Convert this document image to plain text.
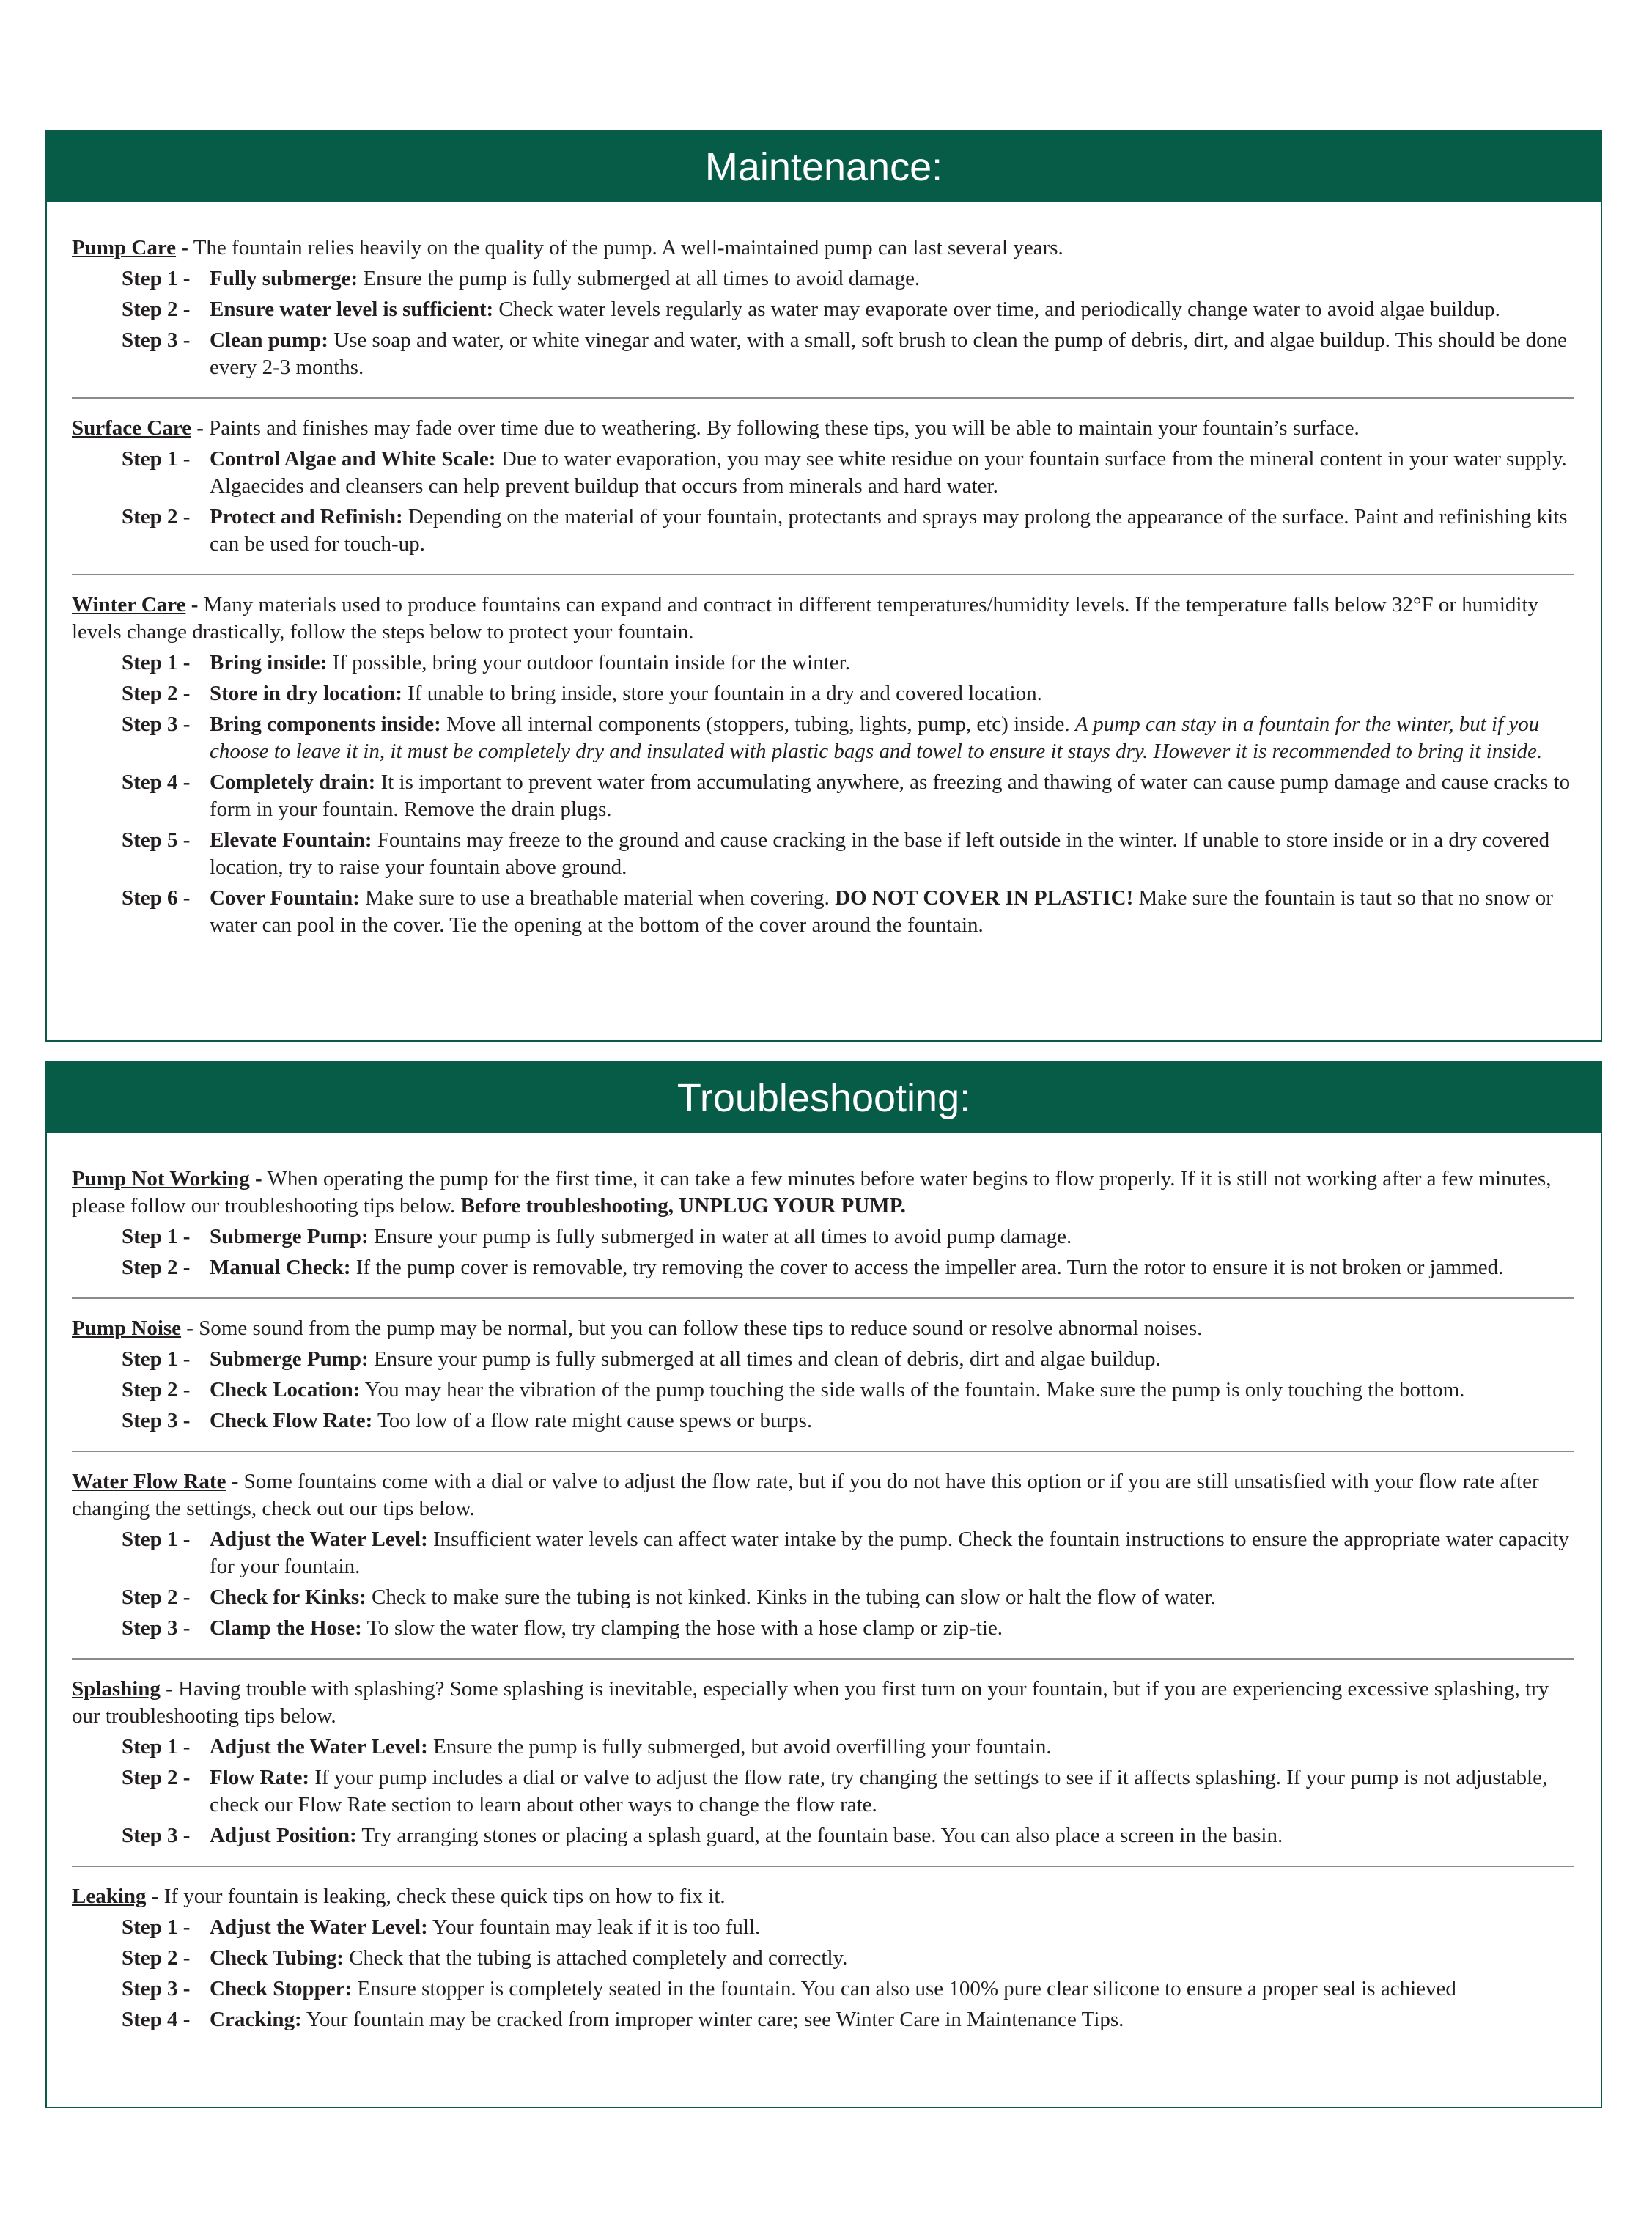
Maintenance:
Pump Care - The fountain relies heavily on the quality of the pump. A well-maintained pump can last several years.
Step 1 - Fully submerge: Ensure the pump is fully submerged at all times to avoid damage.
Step 2 - Ensure water level is sufficient: Check water levels regularly as water may evaporate over time, and periodically change water to avoid algae buildup.
Step 3 - Clean pump: Use soap and water, or white vinegar and water, with a small, soft brush to clean the pump of debris, dirt, and algae buildup. This should be done every 2-3 months.
Surface Care - Paints and finishes may fade over time due to weathering. By following these tips, you will be able to maintain your fountain’s surface.
Step 1 - Control Algae and White Scale: Due to water evaporation, you may see white residue on your fountain surface from the mineral content in your water supply. Algaecides and cleansers can help prevent buildup that occurs from minerals and hard water.
Step 2 - Protect and Refinish: Depending on the material of your fountain, protectants and sprays may prolong the appearance of the surface. Paint and refinishing kits can be used for touch-up.
Winter Care - Many materials used to produce fountains can expand and contract in different temperatures/humidity levels. If the temperature falls below 32°F or humidity levels change drastically, follow the steps below to protect your fountain.
Step 1 - Bring inside: If possible, bring your outdoor fountain inside for the winter.
Step 2 - Store in dry location: If unable to bring inside, store your fountain in a dry and covered location.
Step 3 - Bring components inside: Move all internal components (stoppers, tubing, lights, pump, etc) inside. A pump can stay in a fountain for the winter, but if you choose to leave it in, it must be completely dry and insulated with plastic bags and towel to ensure it stays dry. However it is recommended to bring it inside.
Step 4 - Completely drain: It is important to prevent water from accumulating anywhere, as freezing and thawing of water can cause pump damage and cause cracks to form in your fountain. Remove the drain plugs.
Step 5 - Elevate Fountain: Fountains may freeze to the ground and cause cracking in the base if left outside in the winter. If unable to store inside or in a dry covered location, try to raise your fountain above ground.
Step 6 - Cover Fountain: Make sure to use a breathable material when covering. DO NOT COVER IN PLASTIC! Make sure the fountain is taut so that no snow or water can pool in the cover. Tie the opening at the bottom of the cover around the fountain.
Troubleshooting:
Pump Not Working - When operating the pump for the first time, it can take a few minutes before water begins to flow properly. If it is still not working after a few minutes, please follow our troubleshooting tips below. Before troubleshooting, UNPLUG YOUR PUMP.
Step 1 - Submerge Pump: Ensure your pump is fully submerged in water at all times to avoid pump damage.
Step 2 - Manual Check: If the pump cover is removable, try removing the cover to access the impeller area. Turn the rotor to ensure it is not broken or jammed.
Pump Noise - Some sound from the pump may be normal, but you can follow these tips to reduce sound or resolve abnormal noises.
Step 1 - Submerge Pump: Ensure your pump is fully submerged at all times and clean of debris, dirt and algae buildup.
Step 2 - Check Location: You may hear the vibration of the pump touching the side walls of the fountain. Make sure the pump is only touching the bottom.
Step 3 - Check Flow Rate: Too low of a flow rate might cause spews or burps.
Water Flow Rate - Some fountains come with a dial or valve to adjust the flow rate, but if you do not have this option or if you are still unsatisfied with your flow rate after changing the settings, check out our tips below.
Step 1 - Adjust the Water Level: Insufficient water levels can affect water intake by the pump. Check the fountain instructions to ensure the appropriate water capacity for your fountain.
Step 2 - Check for Kinks: Check to make sure the tubing is not kinked. Kinks in the tubing can slow or halt the flow of water.
Step 3 - Clamp the Hose: To slow the water flow, try clamping the hose with a hose clamp or zip-tie.
Splashing - Having trouble with splashing? Some splashing is inevitable, especially when you first turn on your fountain, but if you are experiencing excessive splashing, try our troubleshooting tips below.
Step 1 - Adjust the Water Level: Ensure the pump is fully submerged, but avoid overfilling your fountain.
Step 2 - Flow Rate: If your pump includes a dial or valve to adjust the flow rate, try changing the settings to see if it affects splashing. If your pump is not adjustable, check our Flow Rate section to learn about other ways to change the flow rate.
Step 3 - Adjust Position: Try arranging stones or placing a splash guard, at the fountain base. You can also place a screen in the basin.
Leaking - If your fountain is leaking, check these quick tips on how to fix it.
Step 1 - Adjust the Water Level: Your fountain may leak if it is too full.
Step 2 - Check Tubing: Check that the tubing is attached completely and correctly.
Step 3 - Check Stopper: Ensure stopper is completely seated in the fountain. You can also use 100% pure clear silicone to ensure a proper seal is achieved
Step 4 - Cracking: Your fountain may be cracked from improper winter care; see Winter Care in Maintenance Tips.
